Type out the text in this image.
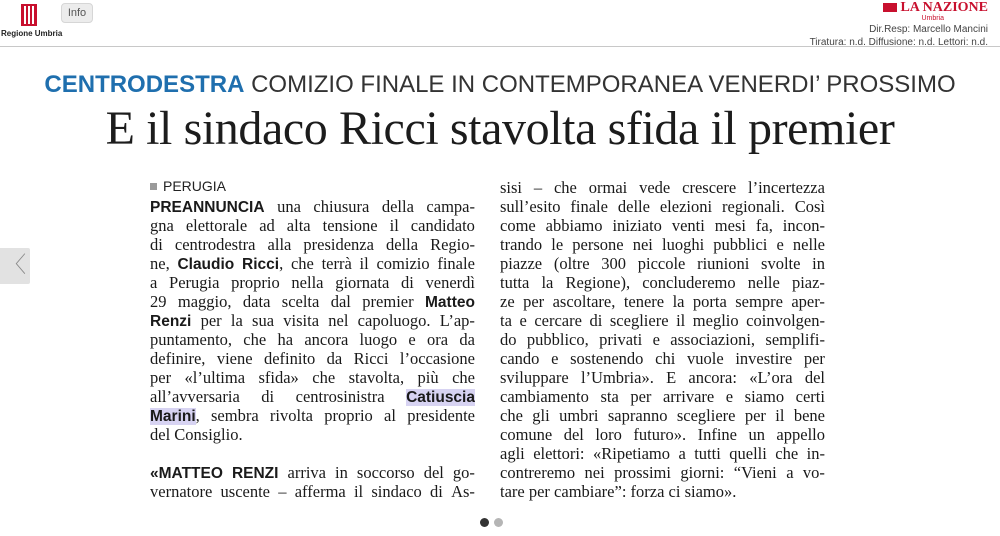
Regione Umbria
Info	LA NAZIONE
Umbria
Dir.Resp: Marcello Mancini
Tiratura: n.d. Diffusione: n.d. Lettori: n.d.
CENTRODESTRA COMIZIO FINALE IN CONTEMPORANEA VENERDI’ PROSSIMO
E il sindaco Ricci stavolta sfida il premier
PERUGIA
PREANNUNCIA una chiusura della campa-
gna elettorale ad alta tensione il candidato
di centrodestra alla presidenza della Regio-
ne, Claudio Ricci, che terrà il comizio finale
a Perugia proprio nella giornata di venerdì
29 maggio, data scelta dal premier Matteo
Renzi per la sua visita nel capoluogo. L’ap-
puntamento, che ha ancora luogo e ora da
definire, viene definito da Ricci l’occasione
per «l’ultima sfida» che stavolta, più che
all’avversaria di centrosinistra Catiuscia
Marini, sembra rivolta proprio al presidente
del Consiglio.
«MATTEO RENZI arriva in soccorso del go-
vernatore uscente – afferma il sindaco di As-
sisi – che ormai vede crescere l’incertezza
sull’esito finale delle elezioni regionali. Così
come abbiamo iniziato venti mesi fa, incon-
trando le persone nei luoghi pubblici e nelle
piazze (oltre 300 piccole riunioni svolte in
tutta la Regione), concluderemo nelle piaz-
ze per ascoltare, tenere la porta sempre aper-
ta e cercare di scegliere il meglio coinvolgen-
do pubblico, privati e associazioni, semplifi-
cando e sostenendo chi vuole investire per
sviluppare l’Umbria». E ancora: «L’ora del
cambiamento sta per arrivare e siamo certi
che gli umbri sapranno scegliere per il bene
comune del loro futuro». Infine un appello
agli elettori: «Ripetiamo a tutti quelli che in-
contreremo nei prossimi giorni: “Vieni a vo-
tare per cambiare”: forza ci siamo».
〈
